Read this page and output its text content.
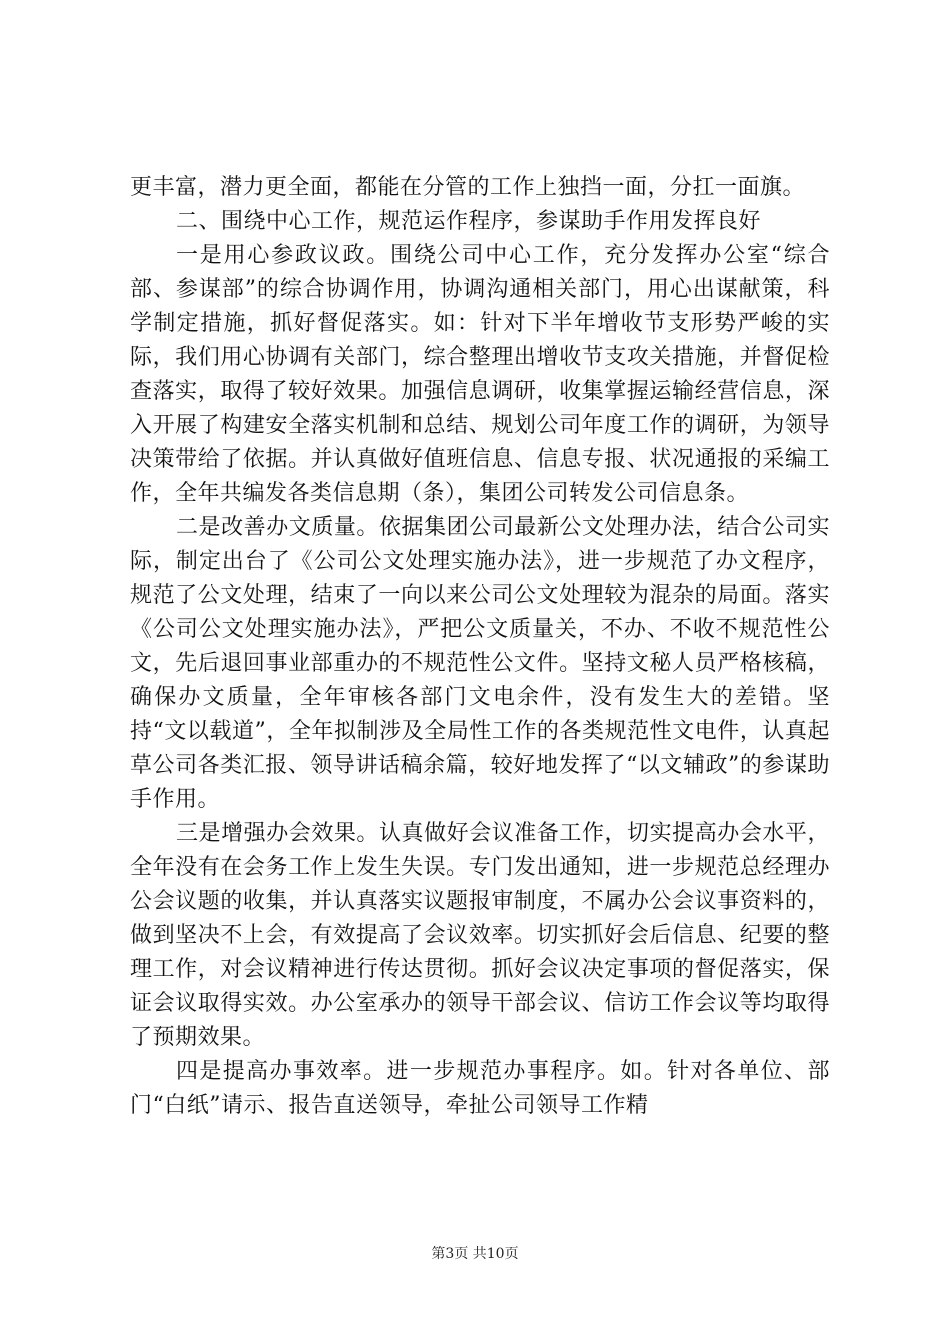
更丰富，潜力更全面，都能在分管的工作上独挡一面，分扛一面旗。

二、围绕中心工作，规范运作程序，参谋助手作用发挥良好

一是用心参政议政。围绕公司中心工作，充分发挥办公室“综合部、参谋部”的综合协调作用，协调沟通相关部门，用心出谋献策，科学制定措施，抓好督促落实。如：针对下半年增收节支形势严峻的实际，我们用心协调有关部门，综合整理出增收节支攻关措施，并督促检查落实，取得了较好效果。加强信息调研，收集掌握运输经营信息，深入开展了构建安全落实机制和总结、规划公司年度工作的调研，为领导决策带给了依据。并认真做好值班信息、信息专报、状况通报的采编工作，全年共编发各类信息期（条），集团公司转发公司信息条。

二是改善办文质量。依据集团公司最新公文处理办法，结合公司实际，制定出台了《公司公文处理实施办法》，进一步规范了办文程序，规范了公文处理，结束了一向以来公司公文处理较为混杂的局面。落实《公司公文处理实施办法》，严把公文质量关，不办、不收不规范性公文，先后退回事业部重办的不规范性公文件。坚持文秘人员严格核稿，确保办文质量，全年审核各部门文电余件，没有发生大的差错。坚持“文以载道”，全年拟制涉及全局性工作的各类规范性文电件，认真起草公司各类汇报、领导讲话稿余篇，较好地发挥了“以文辅政”的参谋助手作用。

三是增强办会效果。认真做好会议准备工作，切实提高办会水平，全年没有在会务工作上发生失误。专门发出通知，进一步规范总经理办公会议题的收集，并认真落实议题报审制度，不属办公会议事资料的，做到坚决不上会，有效提高了会议效率。切实抓好会后信息、纪要的整理工作，对会议精神进行传达贯彻。抓好会议决定事项的督促落实，保证会议取得实效。办公室承办的领导干部会议、信访工作会议等均取得了预期效果。

四是提高办事效率。进一步规范办事程序。如。针对各单位、部门“白纸”请示、报告直送领导，牵扯公司领导工作精

第3页 共10页
